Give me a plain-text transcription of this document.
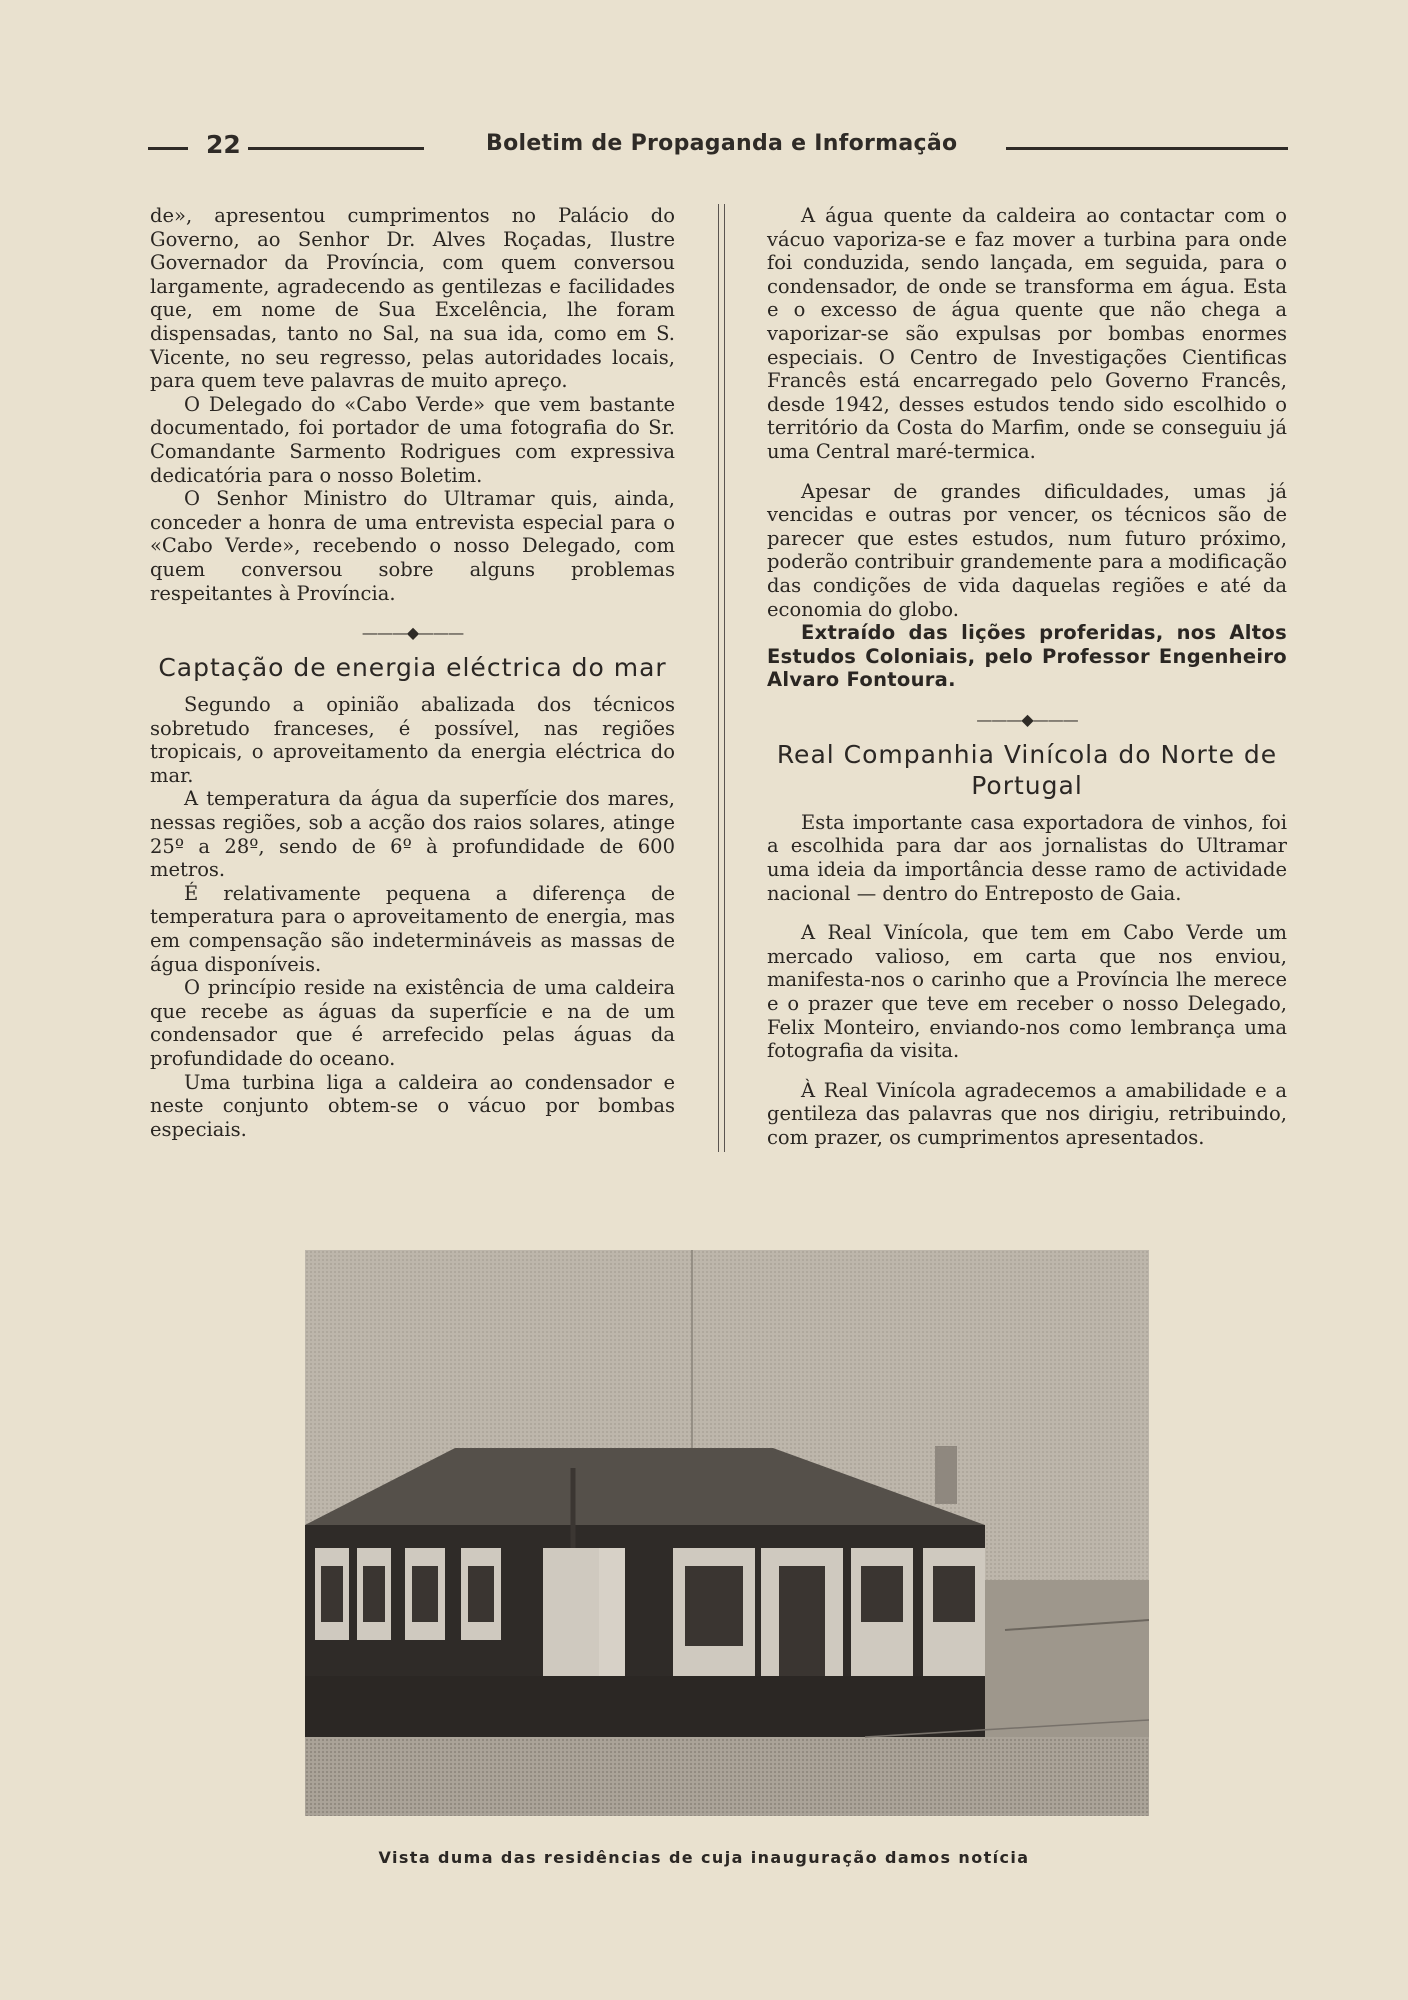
22	Boletim de Propaganda e Informação

de», apresentou cumprimentos no Palácio do Governo, ao Senhor Dr. Alves Roçadas, Ilustre Governador da Província, com quem conversou largamente, agradecendo as gentilezas e facilidades que, em nome de Sua Excelência, lhe foram dispensadas, tanto no Sal, na sua ida, como em S. Vicente, no seu regresso, pelas autoridades locais, para quem teve palavras de muito apreço.

O Delegado do «Cabo Verde» que vem bastante documentado, foi portador de uma fotografia do Sr. Comandante Sarmento Rodrigues com expressiva dedicatória para o nosso Boletim.

O Senhor Ministro do Ultramar quis, ainda, conceder a honra de uma entrevista especial para o «Cabo Verde», recebendo o nosso Delegado, com quem conversou sobre alguns problemas respeitantes à Província.

———◆———
Captação de energia eléctrica do mar

Segundo a opinião abalizada dos técnicos sobretudo franceses, é possível, nas regiões tropicais, o aproveitamento da energia eléctrica do mar.

A temperatura da água da superfície dos mares, nessas regiões, sob a acção dos raios solares, atinge 25º a 28º, sendo de 6º à profundidade de 600 metros.

É relativamente pequena a diferença de temperatura para o aproveitamento de energia, mas em compensação são indetermináveis as massas de água disponíveis.

O princípio reside na existência de uma caldeira que recebe as águas da superfície e na de um condensador que é arrefecido pelas águas da profundidade do oceano.

Uma turbina liga a caldeira ao condensador e neste conjunto obtem-se o vácuo por bombas especiais.

A água quente da caldeira ao contactar com o vácuo vaporiza-se e faz mover a turbina para onde foi conduzida, sendo lançada, em seguida, para o condensador, de onde se transforma em água. Esta e o excesso de água quente que não chega a vaporizar-se são expulsas por bombas enormes especiais. O Centro de Investigações Cientificas Francês está encarregado pelo Governo Francês, desde 1942, desses estudos tendo sido escolhido o território da Costa do Marfim, onde se conseguiu já uma Central maré-termica.

Apesar de grandes dificuldades, umas já vencidas e outras por vencer, os técnicos são de parecer que estes estudos, num futuro próximo, poderão contribuir grandemente para a modificação das condições de vida daquelas regiões e até da economia do globo.

Extraído das lições proferidas, nos Altos Estudos Coloniais, pelo Professor Engenheiro Alvaro Fontoura.

———◆———
Real Companhia Vinícola do Norte de Portugal

Esta importante casa exportadora de vinhos, foi a escolhida para dar aos jornalistas do Ultramar uma ideia da importância desse ramo de actividade nacional — dentro do Entreposto de Gaia.

A Real Vinícola, que tem em Cabo Verde um mercado valioso, em carta que nos enviou, manifesta-nos o carinho que a Província lhe merece e o prazer que teve em receber o nosso Delegado, Felix Monteiro, enviando-nos como lembrança uma fotografia da visita.

À Real Vinícola agradecemos a amabilidade e a gentileza das palavras que nos dirigiu, retribuindo, com prazer, os cumprimentos apresentados.

Vista duma das residências de cuja inauguração damos notícia
